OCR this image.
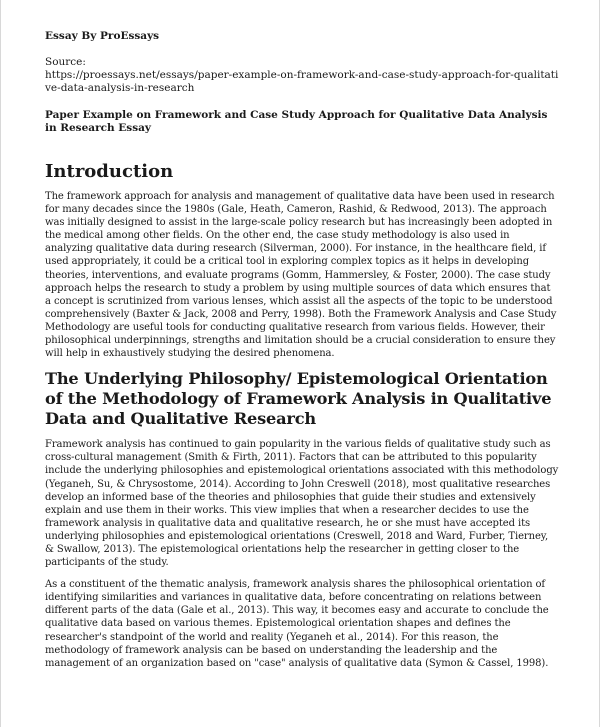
Essay By ProEssays
Source:
https://proessays.net/essays/paper-example-on-framework-and-case-study-approach-for-qualitative-data-analysis-in-research
Paper Example on Framework and Case Study Approach for Qualitative Data Analysis in Research Essay
Introduction

The framework approach for analysis and management of qualitative data have been used in research for many decades since the 1980s (Gale, Heath, Cameron, Rashid, & Redwood, 2013). The approach was initially designed to assist in the large-scale policy research but has increasingly been adopted in the medical among other fields. On the other end, the case study methodology is also used in analyzing qualitative data during research (Silverman, 2000). For instance, in the healthcare field, if used appropriately, it could be a critical tool in exploring complex topics as it helps in developing theories, interventions, and evaluate programs (Gomm, Hammersley, & Foster, 2000). The case study approach helps the research to study a problem by using multiple sources of data which ensures that a concept is scrutinized from various lenses, which assist all the aspects of the topic to be understood comprehensively (Baxter & Jack, 2008 and Perry, 1998). Both the Framework Analysis and Case Study Methodology are useful tools for conducting qualitative research from various fields. However, their philosophical underpinnings, strengths and limitation should be a crucial consideration to ensure they will help in exhaustively studying the desired phenomena.

The Underlying Philosophy/ Epistemological Orientation of the Methodology of Framework Analysis in Qualitative Data and Qualitative Research

Framework analysis has continued to gain popularity in the various fields of qualitative study such as cross-cultural management (Smith & Firth, 2011). Factors that can be attributed to this popularity include the underlying philosophies and epistemological orientations associated with this methodology (Yeganeh, Su, & Chrysostome, 2014). According to John Creswell (2018), most qualitative researches develop an informed base of the theories and philosophies that guide their studies and extensively explain and use them in their works. This view implies that when a researcher decides to use the framework analysis in qualitative data and qualitative research, he or she must have accepted its underlying philosophies and epistemological orientations (Creswell, 2018 and Ward, Furber, Tierney, & Swallow, 2013). The epistemological orientations help the researcher in getting closer to the participants of the study.

As a constituent of the thematic analysis, framework analysis shares the philosophical orientation of identifying similarities and variances in qualitative data, before concentrating on relations between different parts of the data (Gale et al., 2013). This way, it becomes easy and accurate to conclude the qualitative data based on various themes. Epistemological orientation shapes and defines the researcher's standpoint of the world and reality (Yeganeh et al., 2014). For this reason, the methodology of framework analysis can be based on understanding the leadership and the management of an organization based on "case" analysis of qualitative data (Symon & Cassel, 1998).
